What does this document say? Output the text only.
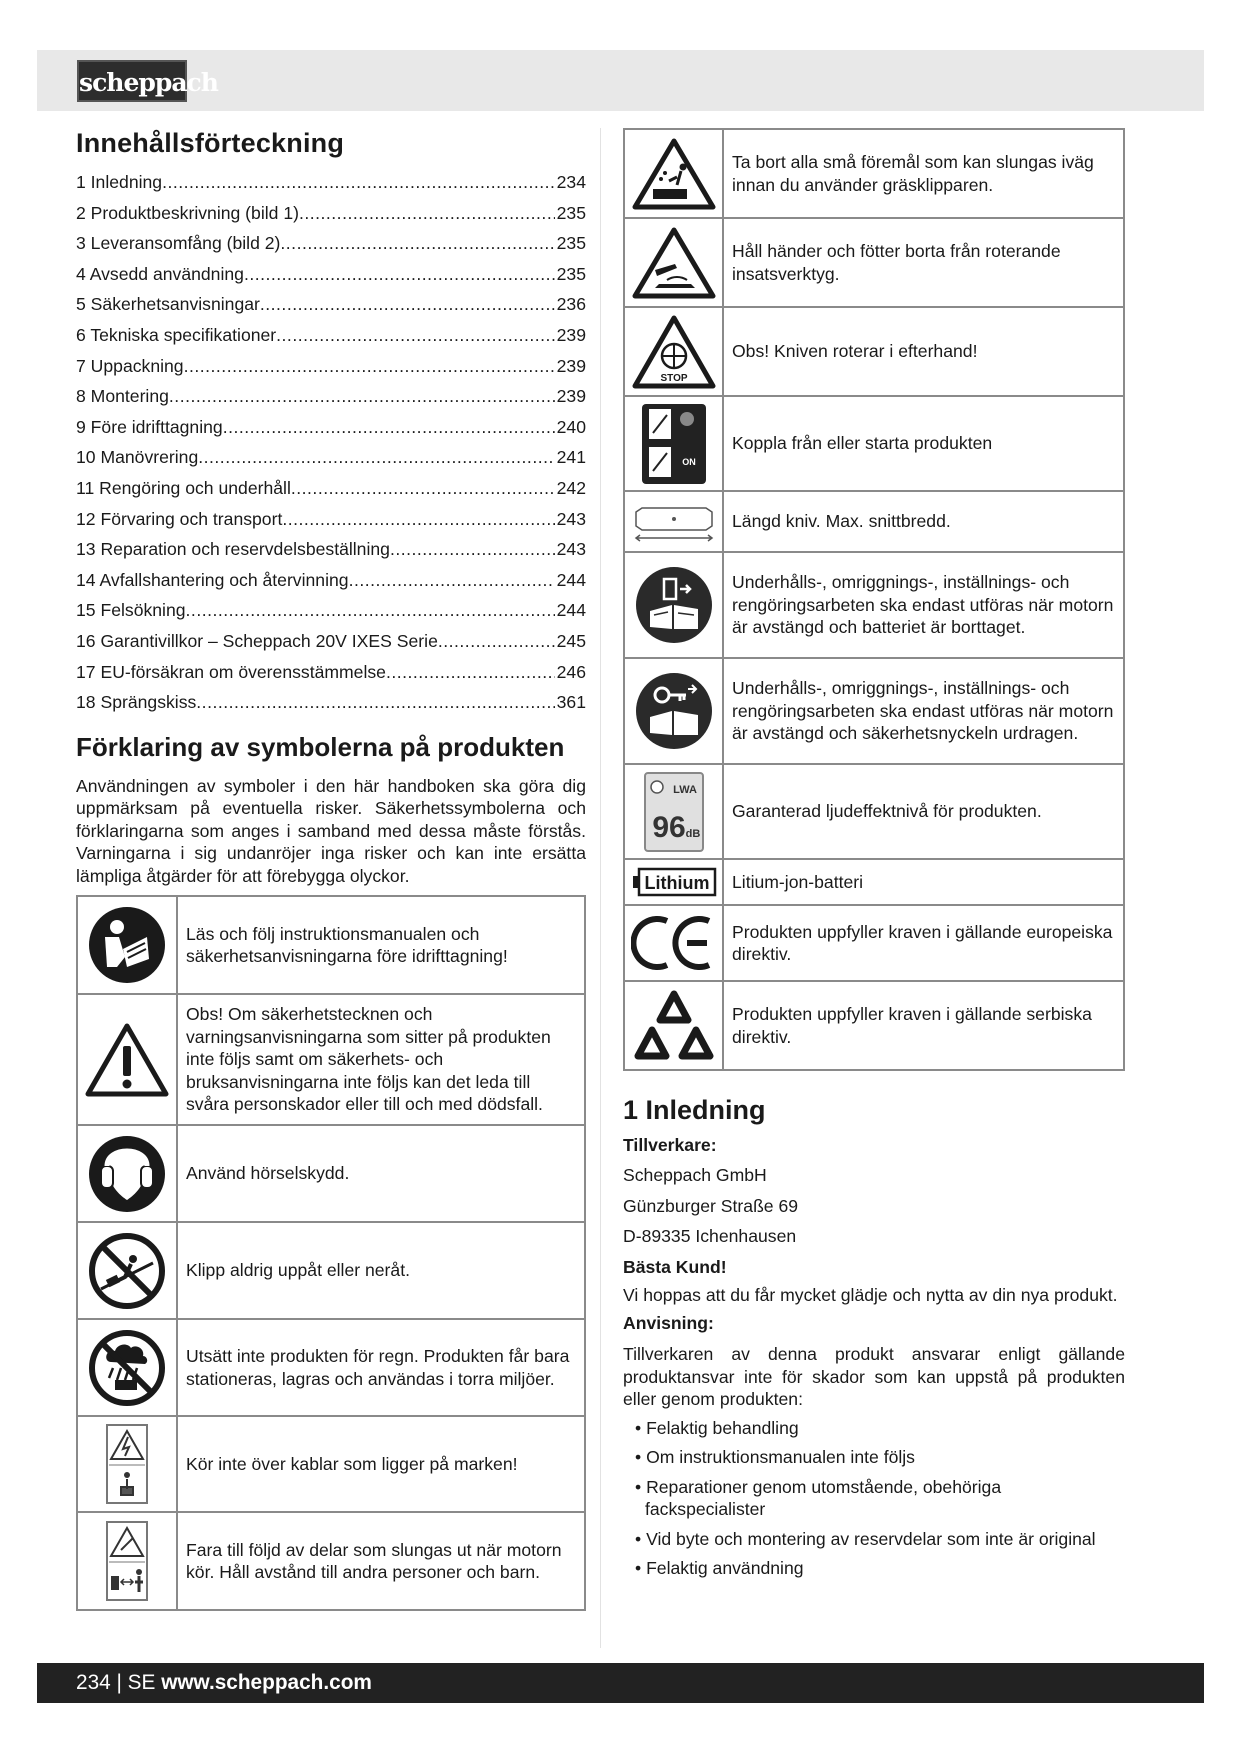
scheppach
Innehållsförteckning
1 Inledning .....	234
2 Produktbeskrivning (bild 1) .....	235
3 Leveransomfång (bild 2) .....	235
4 Avsedd användning .....	235
5 Säkerhetsanvisningar .....	236
6 Tekniska specifikationer .....	239
7 Uppackning .....	239
8 Montering .....	239
9 Före idrifttagning .....	240
10 Manövrering .....	241
11 Rengöring och underhåll .....	242
12 Förvaring och transport .....	243
13 Reparation och reservdelsbeställning .....	243
14 Avfallshantering och återvinning .....	244
15 Felsökning .....	244
16 Garantivillkor – Scheppach 20V IXES Serie .....	245
17 EU-försäkran om överensstämmelse .....	246
18 Sprängskiss .....	361
Förklaring av symbolerna på produkten

Användningen av symboler i den här handboken ska göra dig uppmärksam på eventuella risker. Säkerhetssymbolerna och förklaringarna som anges i samband med dessa måste förstås. Varningarna i sig undanröjer inga risker och kan inte ersätta lämpliga åtgärder för att förebygga olyckor.

	Läs och följ instruktionsmanualen och säkerhetsanvisningarna före idrifttagning!
	Obs! Om säkerhetstecknen och varningsanvisningarna som sitter på produkten inte följs samt om säkerhets- och bruksanvisningarna inte följs kan det leda till svåra personskador eller till och med dödsfall.
	Använd hörselskydd.
	Klipp aldrig uppåt eller neråt.
	Utsätt inte produkten för regn. Produkten får bara stationeras, lagras och användas i torra miljöer.
	Kör inte över kablar som ligger på marken!
	Fara till följd av delar som slungas ut när motorn kör. Håll avstånd till andra personer och barn.
	Ta bort alla små föremål som kan slungas iväg innan du använder gräsklipparen.
	Håll händer och fötter borta från roterande insatsverktyg.

STOP	Obs! Kniven roterar i efterhand!

ON	Koppla från eller starta produkten
	Längd kniv. Max. snittbredd.
	Underhålls-, omriggnings-, inställnings- och rengöringsarbeten ska endast utföras när motorn är avstängd och batteriet är borttaget.
	Underhålls-, omriggnings-, inställnings- och rengöringsarbeten ska endast utföras när motorn är avstängd och säkerhetsnyckeln urdragen.

LWA
96 dB	Garanterad ljudeffektnivå för produkten.

Lithium	Litium-jon-batteri
	Produkten uppfyller kraven i gällande europeiska direktiv.
	Produkten uppfyller kraven i gällande serbiska direktiv.
1 Inledning
Tillverkare:
Scheppach GmbH
Günzburger Straße 69
D-89335 Ichenhausen
Bästa Kund!

Vi hoppas att du får mycket glädje och nytta av din nya produkt.

Anvisning:

Tillverkaren av denna produkt ansvarar enligt gällande produktansvar inte för skador som kan uppstå på produkten eller genom produkten:

• Felaktig behandling
• Om instruktionsmanualen inte följs
• Reparationer genom utomstående, obehöriga fackspecialister
• Vid byte och montering av reservdelar som inte är original
• Felaktig användning
234 | SE www.scheppach.com
